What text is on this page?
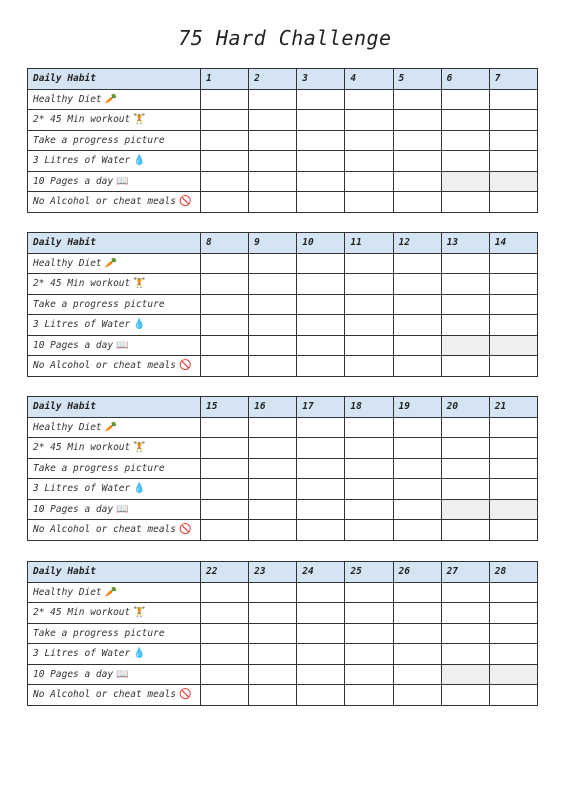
75 Hard Challenge
Daily Habit	1	2	3	4	5	6	7
Healthy Diet 🥕							
2* 45 Min workout 🏋							
Take a progress picture							
3 Litres of Water 💧							
10 Pages a day 📖							
No Alcohol or cheat meals 🚫							
Daily Habit	8	9	10	11	12	13	14
Healthy Diet 🥕							
2* 45 Min workout 🏋							
Take a progress picture							
3 Litres of Water 💧							
10 Pages a day 📖							
No Alcohol or cheat meals 🚫							
Daily Habit	15	16	17	18	19	20	21
Healthy Diet 🥕							
2* 45 Min workout 🏋							
Take a progress picture							
3 Litres of Water 💧							
10 Pages a day 📖							
No Alcohol or cheat meals 🚫							
Daily Habit	22	23	24	25	26	27	28
Healthy Diet 🥕							
2* 45 Min workout 🏋							
Take a progress picture							
3 Litres of Water 💧							
10 Pages a day 📖							
No Alcohol or cheat meals 🚫							
